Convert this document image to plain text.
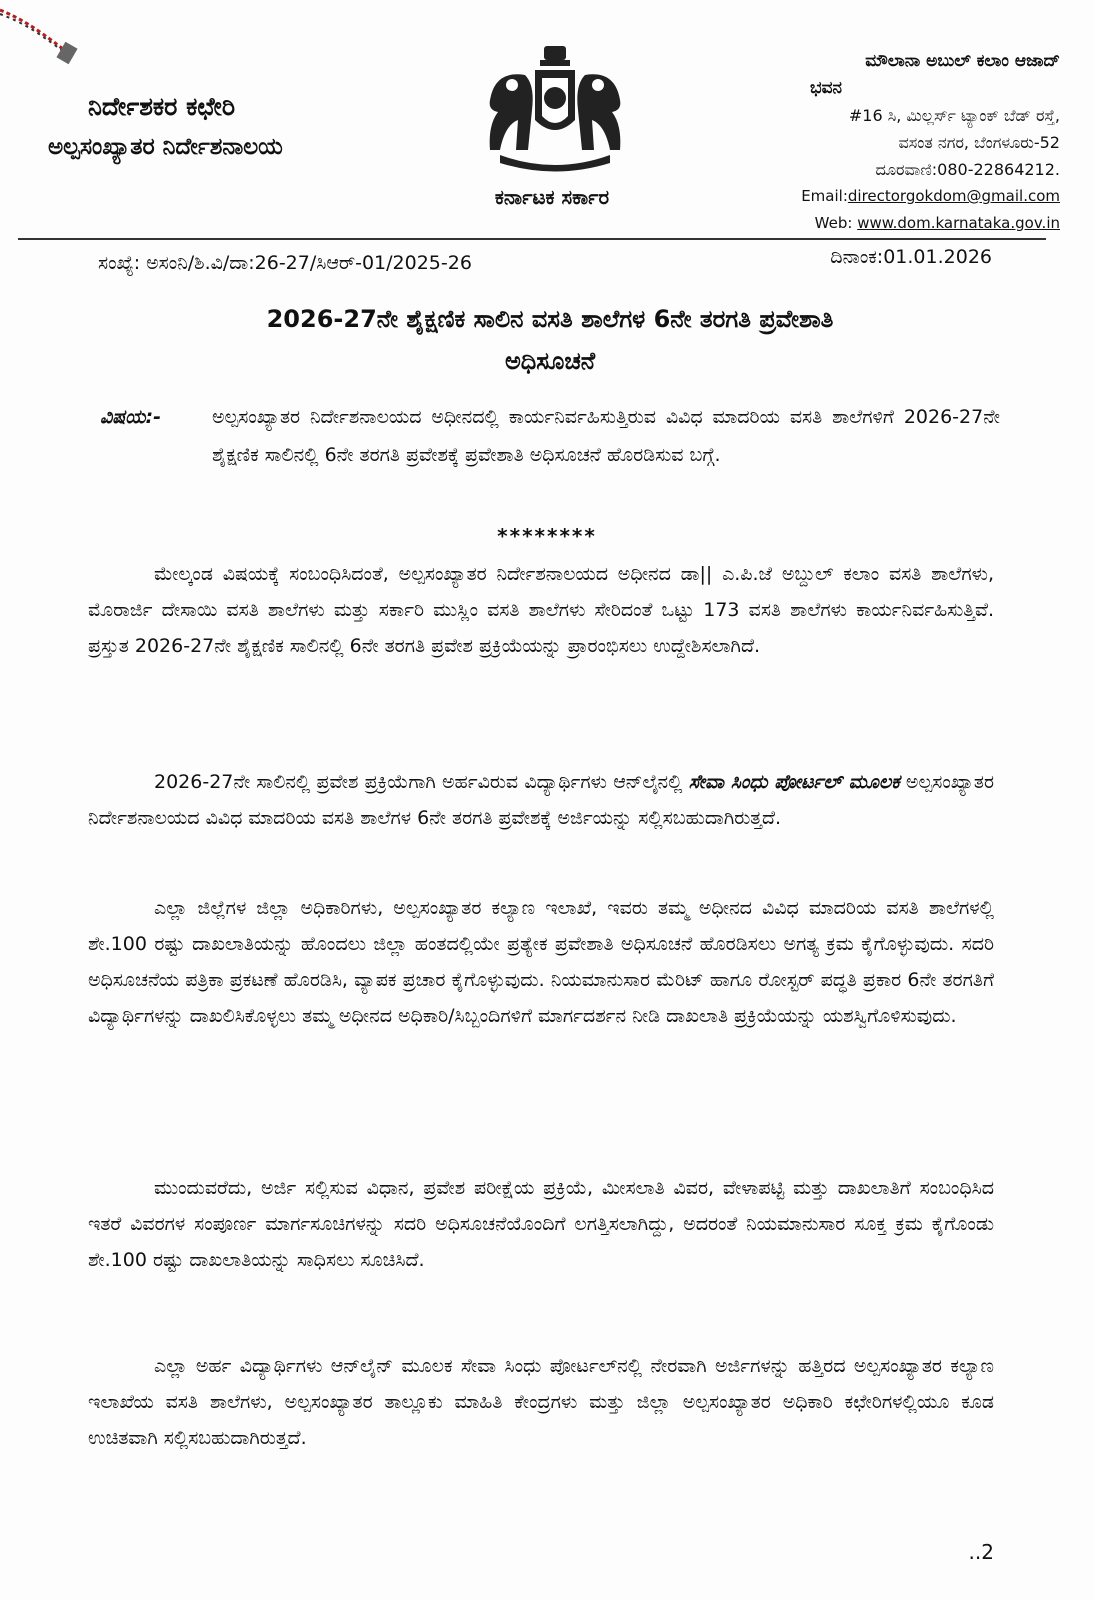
ನಿರ್ದೇಶಕರ ಕಛೇರಿ
ಅಲ್ಪಸಂಖ್ಯಾತರ ನಿರ್ದೇಶನಾಲಯ
ಕರ್ನಾಟಕ ಸರ್ಕಾರ
ಮೌಲಾನಾ ಅಬುಲ್ ಕಲಾಂ ಆಜಾದ್
ಭವನ
#16 ಸಿ, ಮಿಲ್ಲರ್ಸ್ ಟ್ಯಾಂಕ್ ಬೆಡ್ ರಸ್ತೆ,
ವಸಂತ ನಗರ, ಬೆಂಗಳೂರು-52
ದೂರವಾಣಿ:080-22864212.
Email:directorgokdom@gmail.com
Web: www.dom.karnataka.gov.in
ಸಂಖ್ಯೆ: ಅಸಂನಿ/ಶಿ.ವಿ/ದಾ:26-27/ಸಿಆರ್-01/2025-26	ದಿನಾಂಕ:01.01.2026
2026-27ನೇ ಶೈಕ್ಷಣಿಕ ಸಾಲಿನ ವಸತಿ ಶಾಲೆಗಳ 6ನೇ ತರಗತಿ ಪ್ರವೇಶಾತಿ
ಅಧಿಸೂಚನೆ
ವಿಷಯ:-	ಅಲ್ಪಸಂಖ್ಯಾತರ ನಿರ್ದೇಶನಾಲಯದ ಅಧೀನದಲ್ಲಿ ಕಾರ್ಯನಿರ್ವಹಿಸುತ್ತಿರುವ ವಿವಿಧ ಮಾದರಿಯ ವಸತಿ ಶಾಲೆಗಳಿಗೆ 2026-27ನೇ ಶೈಕ್ಷಣಿಕ ಸಾಲಿನಲ್ಲಿ 6ನೇ ತರಗತಿ ಪ್ರವೇಶಕ್ಕೆ ಪ್ರವೇಶಾತಿ ಅಧಿಸೂಚನೆ ಹೊರಡಿಸುವ ಬಗ್ಗೆ.
********
ಮೇಲ್ಕಂಡ ವಿಷಯಕ್ಕೆ ಸಂಬಂಧಿಸಿದಂತೆ, ಅಲ್ಪಸಂಖ್ಯಾತರ ನಿರ್ದೇಶನಾಲಯದ ಅಧೀನದ ಡಾ|| ಎ.ಪಿ.ಜೆ ಅಬ್ದುಲ್ ಕಲಾಂ ವಸತಿ ಶಾಲೆಗಳು, ಮೊರಾರ್ಜಿ ದೇಸಾಯಿ ವಸತಿ ಶಾಲೆಗಳು ಮತ್ತು ಸರ್ಕಾರಿ ಮುಸ್ಲಿಂ ವಸತಿ ಶಾಲೆಗಳು ಸೇರಿದಂತೆ ಒಟ್ಟು 173 ವಸತಿ ಶಾಲೆಗಳು ಕಾರ್ಯನಿರ್ವಹಿಸುತ್ತಿವೆ. ಪ್ರಸ್ತುತ 2026-27ನೇ ಶೈಕ್ಷಣಿಕ ಸಾಲಿನಲ್ಲಿ 6ನೇ ತರಗತಿ ಪ್ರವೇಶ ಪ್ರಕ್ರಿಯೆಯನ್ನು ಪ್ರಾರಂಭಿಸಲು ಉದ್ದೇಶಿಸಲಾಗಿದೆ.
2026-27ನೇ ಸಾಲಿನಲ್ಲಿ ಪ್ರವೇಶ ಪ್ರಕ್ರಿಯೆಗಾಗಿ ಅರ್ಹವಿರುವ ವಿದ್ಯಾರ್ಥಿಗಳು ಆನ್‌ಲೈನಲ್ಲಿ ಸೇವಾ ಸಿಂಧು ಪೋರ್ಟಲ್ ಮೂಲಕ ಅಲ್ಪಸಂಖ್ಯಾತರ ನಿರ್ದೇಶನಾಲಯದ ವಿವಿಧ ಮಾದರಿಯ ವಸತಿ ಶಾಲೆಗಳ 6ನೇ ತರಗತಿ ಪ್ರವೇಶಕ್ಕೆ ಅರ್ಜಿಯನ್ನು ಸಲ್ಲಿಸಬಹುದಾಗಿರುತ್ತದೆ.
ಎಲ್ಲಾ ಜಿಲ್ಲೆಗಳ ಜಿಲ್ಲಾ ಅಧಿಕಾರಿಗಳು, ಅಲ್ಪಸಂಖ್ಯಾತರ ಕಲ್ಯಾಣ ಇಲಾಖೆ, ಇವರು ತಮ್ಮ ಅಧೀನದ ವಿವಿಧ ಮಾದರಿಯ ವಸತಿ ಶಾಲೆಗಳಲ್ಲಿ ಶೇ.100 ರಷ್ಟು ದಾಖಲಾತಿಯನ್ನು ಹೊಂದಲು ಜಿಲ್ಲಾ ಹಂತದಲ್ಲಿಯೇ ಪ್ರತ್ಯೇಕ ಪ್ರವೇಶಾತಿ ಅಧಿಸೂಚನೆ ಹೊರಡಿಸಲು ಅಗತ್ಯ ಕ್ರಮ ಕೈಗೊಳ್ಳುವುದು. ಸದರಿ ಅಧಿಸೂಚನೆಯ ಪತ್ರಿಕಾ ಪ್ರಕಟಣೆ ಹೊರಡಿಸಿ, ವ್ಯಾಪಕ ಪ್ರಚಾರ ಕೈಗೊಳ್ಳುವುದು. ನಿಯಮಾನುಸಾರ ಮೆರಿಟ್ ಹಾಗೂ ರೋಸ್ಟರ್ ಪದ್ಧತಿ ಪ್ರಕಾರ 6ನೇ ತರಗತಿಗೆ ವಿದ್ಯಾರ್ಥಿಗಳನ್ನು ದಾಖಲಿಸಿಕೊಳ್ಳಲು ತಮ್ಮ ಅಧೀನದ ಅಧಿಕಾರಿ/ಸಿಬ್ಬಂದಿಗಳಿಗೆ ಮಾರ್ಗದರ್ಶನ ನೀಡಿ ದಾಖಲಾತಿ ಪ್ರಕ್ರಿಯೆಯನ್ನು ಯಶಸ್ವಿಗೊಳಿಸುವುದು.
ಮುಂದುವರೆದು, ಅರ್ಜಿ ಸಲ್ಲಿಸುವ ವಿಧಾನ, ಪ್ರವೇಶ ಪರೀಕ್ಷೆಯ ಪ್ರಕ್ರಿಯೆ, ಮೀಸಲಾತಿ ವಿವರ, ವೇಳಾಪಟ್ಟಿ ಮತ್ತು ದಾಖಲಾತಿಗೆ ಸಂಬಂಧಿಸಿದ ಇತರೆ ವಿವರಗಳ ಸಂಪೂರ್ಣ ಮಾರ್ಗಸೂಚಿಗಳನ್ನು ಸದರಿ ಅಧಿಸೂಚನೆಯೊಂದಿಗೆ ಲಗತ್ತಿಸಲಾಗಿದ್ದು, ಅದರಂತೆ ನಿಯಮಾನುಸಾರ ಸೂಕ್ತ ಕ್ರಮ ಕೈಗೊಂಡು ಶೇ.100 ರಷ್ಟು ದಾಖಲಾತಿಯನ್ನು ಸಾಧಿಸಲು ಸೂಚಿಸಿದೆ.
ಎಲ್ಲಾ ಅರ್ಹ ವಿದ್ಯಾರ್ಥಿಗಳು ಆನ್‌ಲೈನ್ ಮೂಲಕ ಸೇವಾ ಸಿಂಧು ಪೋರ್ಟಲ್‌ನಲ್ಲಿ ನೇರವಾಗಿ ಅರ್ಜಿಗಳನ್ನು ಹತ್ತಿರದ ಅಲ್ಪಸಂಖ್ಯಾತರ ಕಲ್ಯಾಣ ಇಲಾಖೆಯ ವಸತಿ ಶಾಲೆಗಳು, ಅಲ್ಪಸಂಖ್ಯಾತರ ತಾಲ್ಲೂಕು ಮಾಹಿತಿ ಕೇಂದ್ರಗಳು ಮತ್ತು ಜಿಲ್ಲಾ ಅಲ್ಪಸಂಖ್ಯಾತರ ಅಧಿಕಾರಿ ಕಛೇರಿಗಳಲ್ಲಿಯೂ ಕೂಡ ಉಚಿತವಾಗಿ ಸಲ್ಲಿಸಬಹುದಾಗಿರುತ್ತದೆ.
..2
